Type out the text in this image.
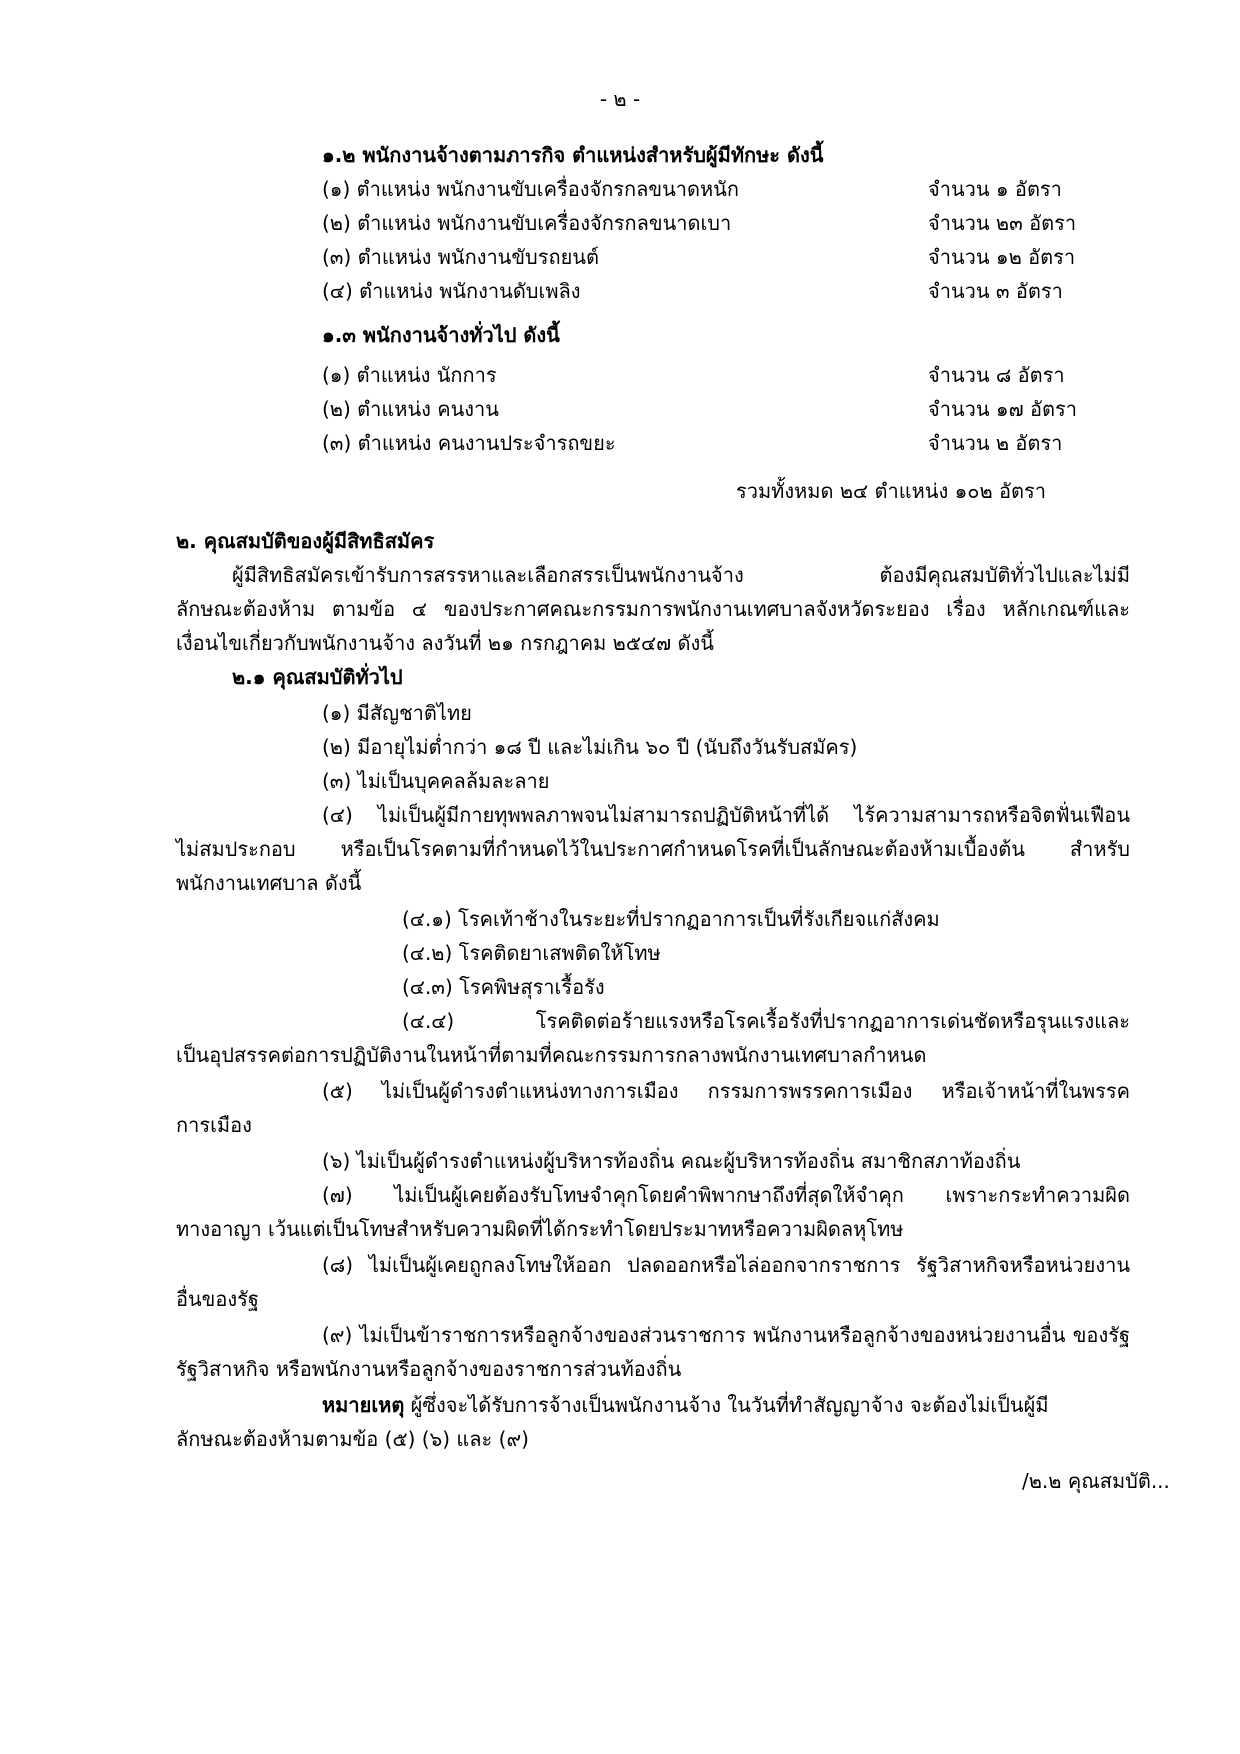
- ๒ -

๑.๒ พนักงานจ้างตามภารกิจ ตำแหน่งสำหรับผู้มีทักษะ ดังนี้

(๑) ตำแหน่ง พนักงานขับเครื่องจักรกลขนาดหนัก	จำนวน ๑ อัตรา

(๒) ตำแหน่ง พนักงานขับเครื่องจักรกลขนาดเบา	จำนวน ๒๓ อัตรา

(๓) ตำแหน่ง พนักงานขับรถยนต์	จำนวน ๑๒ อัตรา

(๔) ตำแหน่ง พนักงานดับเพลิง	จำนวน ๓ อัตรา

๑.๓ พนักงานจ้างทั่วไป ดังนี้

(๑) ตำแหน่ง นักการ	จำนวน ๘ อัตรา

(๒) ตำแหน่ง คนงาน	จำนวน ๑๗ อัตรา

(๓) ตำแหน่ง คนงานประจำรถขยะ	จำนวน ๒ อัตรา

รวมทั้งหมด ๒๔ ตำแหน่ง ๑๐๒ อัตรา

๒. คุณสมบัติของผู้มีสิทธิสมัคร

ผู้มีสิทธิสมัครเข้ารับการสรรหาและเลือกสรรเป็นพนักงานจ้าง ต้องมีคุณสมบัติทั่วไปและไม่มี

ลักษณะต้องห้าม ตามข้อ ๔ ของประกาศคณะกรรมการพนักงานเทศบาลจังหวัดระยอง เรื่อง หลักเกณฑ์และ

เงื่อนไขเกี่ยวกับพนักงานจ้าง ลงวันที่ ๒๑ กรกฎาคม ๒๕๔๗ ดังนี้

๒.๑ คุณสมบัติทั่วไป

(๑) มีสัญชาติไทย

(๒) มีอายุไม่ต่ำกว่า ๑๘ ปี และไม่เกิน ๖๐ ปี (นับถึงวันรับสมัคร)

(๓) ไม่เป็นบุคคลล้มละลาย

(๔) ไม่เป็นผู้มีกายทุพพลภาพจนไม่สามารถปฏิบัติหน้าที่ได้ ไร้ความสามารถหรือจิตฟั่นเฟือน

ไม่สมประกอบ หรือเป็นโรคตามที่กำหนดไว้ในประกาศกำหนดโรคที่เป็นลักษณะต้องห้ามเบื้องต้น สำหรับ

พนักงานเทศบาล ดังนี้

(๔.๑) โรคเท้าช้างในระยะที่ปรากฏอาการเป็นที่รังเกียจแก่สังคม

(๔.๒) โรคติดยาเสพติดให้โทษ

(๔.๓) โรคพิษสุราเรื้อรัง

(๔.๔) โรคติดต่อร้ายแรงหรือโรคเรื้อรังที่ปรากฏอาการเด่นชัดหรือรุนแรงและ

เป็นอุปสรรคต่อการปฏิบัติงานในหน้าที่ตามที่คณะกรรมการกลางพนักงานเทศบาลกำหนด

(๕) ไม่เป็นผู้ดำรงตำแหน่งทางการเมือง กรรมการพรรคการเมือง หรือเจ้าหน้าที่ในพรรค

การเมือง

(๖) ไม่เป็นผู้ดำรงตำแหน่งผู้บริหารท้องถิ่น คณะผู้บริหารท้องถิ่น สมาชิกสภาท้องถิ่น

(๗) ไม่เป็นผู้เคยต้องรับโทษจำคุกโดยคำพิพากษาถึงที่สุดให้จำคุก เพราะกระทำความผิด

ทางอาญา เว้นแต่เป็นโทษสำหรับความผิดที่ได้กระทำโดยประมาทหรือความผิดลหุโทษ

(๘) ไม่เป็นผู้เคยถูกลงโทษให้ออก ปลดออกหรือไล่ออกจากราชการ รัฐวิสาหกิจหรือหน่วยงาน

อื่นของรัฐ

(๙) ไม่เป็นข้าราชการหรือลูกจ้างของส่วนราชการ พนักงานหรือลูกจ้างของหน่วยงานอื่น ของรัฐ

รัฐวิสาหกิจ หรือพนักงานหรือลูกจ้างของราชการส่วนท้องถิ่น

หมายเหตุ ผู้ซึ่งจะได้รับการจ้างเป็นพนักงานจ้าง ในวันที่ทำสัญญาจ้าง จะต้องไม่เป็นผู้มี

ลักษณะต้องห้ามตามข้อ (๕) (๖) และ (๙)

/๒.๒ คุณสมบัติ...
